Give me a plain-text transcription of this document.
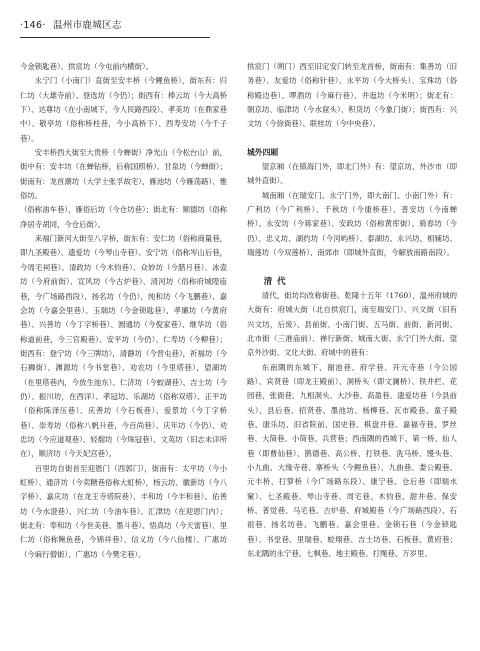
·146· 温州市鹿城区志

今金锁匙巷）、拱宸坊（今屯前内横街）。

永宁门（小南门）直街至安丰桥（今鲤鱼桥），街东有：归仁坊（大雄寺前）、登选坊（今仍）；街西有：棒云坊（今大高桥下）、达尊坊（在小南城下，今人民路西段）、孝美坊（在鼎家巷中）、敬亭坊（俗称桥柱巷，今小高桥下）、西寿安坊（今千子巷）。

安丰桥西大街至大贵桥（今蝉街）净光山（今松台山）前，街中有：安丰坊（在蝉钻桥，后称国照桥）、甘泉坊（今蝉街）；街南有：龙首潮坊（大学士张孚故宅），雁池坊（今雁荡路）、雅俗坊。

（俗称油车巷），雁俗后坊（今仓坊巷）；街北有：顺德坊（俗称净居寺胡同，今仓后街）。

来福门新河大街至八字桥，街东有：安仁坊（俗称商量巷，即九圣殿巷）、遗爱坊（今琴山寺巷）、安宁坊（俗称岑山后巷，今周宅祠巷）、清政坊（今木钧巷）、众妙坊（今腊月巷）、冰壶坊（今府前街）、宣风坊（今古炉巷）、清河坊（俗称府城隍庙巷，今广场路西段）、扬名坊（今仍），纯和坊（今飞鹏巷）、嘉会坊（今嘉会里巷）、玉瑞坊（今金锁匙巷）、孝廉坊（今黄府巷）、兴善坊（今丁字桥巷）、圆通坊（今倪家巷）、继华坊（俗称道前巷，今三官殿巷）、安平坊（今仍）、仁寿坊（今柳巷）；街西有：登宁坊（今三牌坊），清静坊（今晋屯巷），祈福坊（今石狮街）、渊源坊（今书堂巷）、劝农坊（今里塔巷），望湖坊（在里塔巷内，今放生池东）、仁济坊（今蛟湖巷）、吉士坊（今仍）、振川坊，在西洋）、孝冠坊、乐湖坊（俗称双塔）、正平坊（俗称陈泽压巷）、庆善坊（今石板巷）、爱景坊（今丁字桥巷）、崇寿坊（俗称八帆升巷，今百尚巷）、庆年坊（今仍）、劝忠坊（今应道观巷）、轻熘坊（今珠冠巷）、文英坊（旧志未详所在），顺济坊（今天妃宫巷）。

百里坊自街首至迎恩门（西郭门），街南有：太平坊（今小虹桥）、通济坊（今卖糖巷俗称大虹桥），杨云坊、徽新坊（今八字桥）、嘉庆坊（在龙王寺塔院巷）、丰和坊（今丰和巷）、佑善坊（今水澄巷）、兴仁坊（今油车巷）、汇津坊（在迎恩门内）；街北有：奉和坊（今世美巷、墨斗巷）、悟真坊（今天雷巷）、里仁坊（俗称鲍鱼巷，今锦祥巷）、信义坊（今八仙楼）、广惠坊（今麻行僧街）、广惠坊（今樊宅巷）。

拱宸门（朔门）西至旧定安门转至龙首桥，街南有：集善坊（旧务巷）、友爱坊（俗称针巷）、永平坊（今大桥头）、宝珠坊（俗称殿边巷）、啰酒坊（今麻行巷）、井迤坊（今米明）；街北有：朝京坊、临津坊（今水窟头）、积货坊（今象门街）；街西有：兴文坊（今徐衙巷）、联桂坊（今中央巷）。

城外四厢

望京厢（在镇海门外，即北门外）有：望京坊、外沙市（即城外直街）。

城南厢（在瑞安门、永宁门外，即大南门、小南门外）有：广利坊（今广利桥）、千秋坊（今康桥巷）、普安坊（今南蝉桥）、永安坊（今蒋家巷）、安政坊（俗称黄库街）、骑春坊（今仍）、忠义坊、湖约坊（今河屿桥）、泰湖坊、永兴坊、相辅坊、瑞莲坊（今双莲桥）、南郊市（即城外直街，今解放南路南段）。

清 代

清代，街坊均改称街巷。乾隆十五年（1760），温州府城的大街有：府城大街（北自拱宸门，南至瑞安门）、兴文街（旧有兴文坊，后废）、县前街、小南门街、五马街、前街、新河街、北市街（三港庙前）、禅行新街、城南大街、永宁门外大街、望京外沙街、文化大街、府城中的巷有：

东南隅的东城下、谢池巷、府学巷、开元寺巷（今公园路）、宾贤巷（即龙王殿前）、洞桥头（即文澜桥）、铁井栏、花园巷、张衙巷、九相洞头、大沙巷、高盈巷、遗爱坊巷（今县前头）、县后巷、招贤巷、墨池坊、杨柳巷、瓦市殿巷、童子殿巷、康乐坊、旧省院前、国史巷、棋盘井巷、嘉福寺巷、罗丝巷、大简巷、小简巷、兵营巷；西南隅的西城下、第一桥、仙人巷（即曹仙巷）、鹊德巷、高公桥、打铁巷、洗马桥、馒头巷、小九曲、大缘寺巷、寨桥头（今鲤鱼巷）、九曲巷、娄公殿巷、元丰桥、打箩桥（今广场路东段）、康宁巷、仓后巷（即瑞水窠）、七圣殿巷、琴山寺巷、周宅巷、木钧巷、甜井巷、保安桥、普觉巷、马宅巷、古炉巷、府城殿巷（今广场路西段）、石祖巷、扬名坊巷、飞鹏巷、嘉会里巷、金锁石巷（今金锁匙巷）、书堂巷、里瑞巷、蛟翔巷、吉士坊巷、石板巷、黄府巷；东北隅的永宁巷、七枫巷、地主殿巷、打绳巷、万岁里、
